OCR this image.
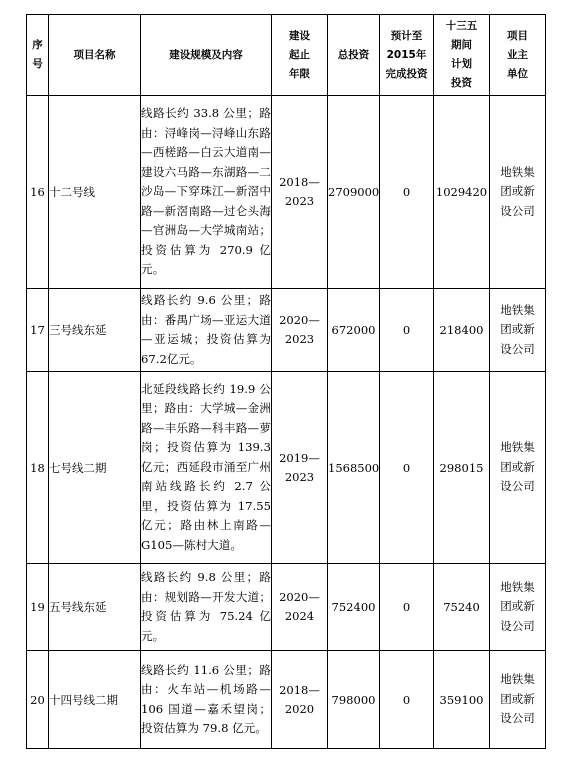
序
号	项目名称	建设规模及内容	建设
起止
年限	总投资	预计至
2015年
完成投资	十三五
期间
计划
投资	项目
业主
单位

16	十二号线	线路长约 33.8 公里；路由：浔峰岗—浔峰山东路—西槎路—白云大道南—建设六马路—东湖路—二沙岛—下穿珠江—新滘中路—新滘南路—过仑头海—官洲岛—大学城南站；投资估算为 270.9 亿元。	2018—
2023	2709000	0	1029420	地铁集
团或新
设公司

17	三号线东延	线路长约 9.6 公里；路由：番禺广场—亚运大道—亚运城；投资估算为67.2亿元。	2020—
2023	672000	0	218400	地铁集
团或新
设公司

18	七号线二期	北延段线路长约 19.9 公里；路由：大学城—金洲路—丰乐路—科丰路—萝岗；投资估算为 139.3 亿元；西延段市涌至广州南站线路长约 2.7 公里，投资估算为 17.55 亿元；路由林上南路—G105—陈村大道。	2019—
2023	1568500	0	298015	地铁集
团或新
设公司

19	五号线东延	线路长约 9.8 公里；路由：规划路—开发大道；投资估算为 75.24 亿元。	2020—
2024	752400	0	75240	地铁集
团或新
设公司

20	十四号线二期	线路长约 11.6 公里；路由：火车站—机场路—106 国道—嘉禾望岗；投资估算为 79.8 亿元。	2018—
2020	798000	0	359100	地铁集
团或新
设公司
